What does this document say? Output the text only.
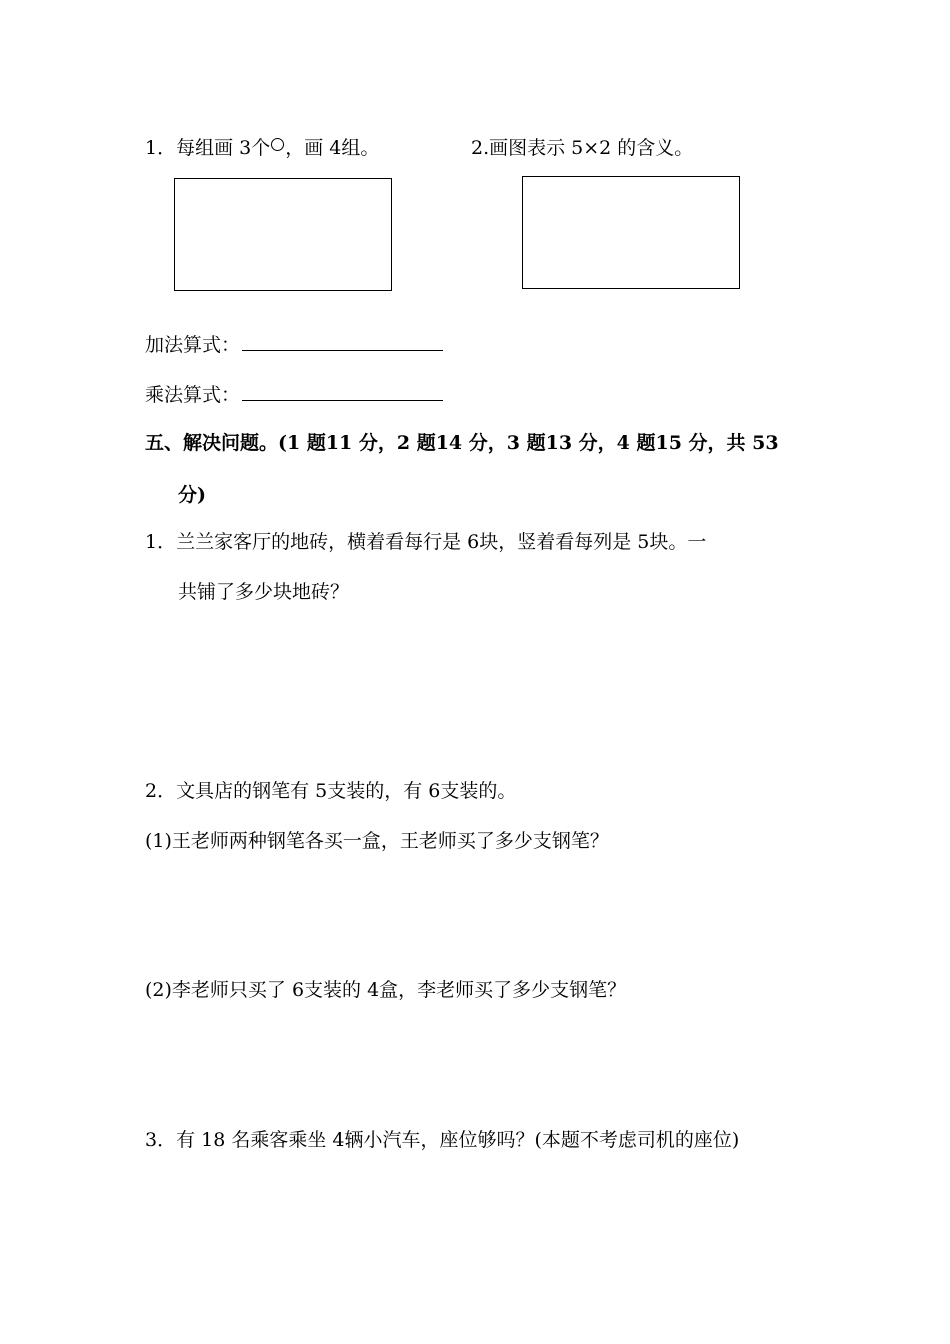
1．每组画 3个 ，画 4组。	2.画图表示 5×2 的含义。
加法算式：
乘法算式：
五、解决问题。(1 题11 分，2 题14 分，3 题13 分，4 题15 分，共 53
分)
1．兰兰家客厅的地砖，横着看每行是 6块，竖着看每列是 5块。一
共铺了多少块地砖？
2．文具店的钢笔有 5支装的，有 6支装的。
(1)王老师两种钢笔各买一盒，王老师买了多少支钢笔？
(2)李老师只买了 6支装的 4盒，李老师买了多少支钢笔？
3．有 18 名乘客乘坐 4辆小汽车，座位够吗？(本题不考虑司机的座位)
